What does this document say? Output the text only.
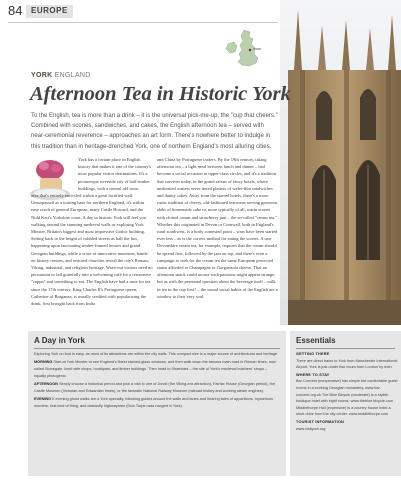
84	EUROPE
YORK
YORK ENGLAND
Afternoon Tea in Historic York

To the English, tea is more than a drink – it is the universal pick-me-up, the "cup that cheers." Combined with scones, sandwiches, and cakes, the English afternoon tea – served with near-ceremonial reverence – approaches an art form. There's nowhere better to indulge in this tradition than in heritage-drenched York, one of northern England's most alluring cities.

York has a certain place in English history that makes it one of the country's most popular visitor destinations. It's a picturesque riverside city of half-timber buildings, with a central old town
area that's entirely encircled within a great fortified wall. Unsurpassed as a touring base for northern England, it's within easy reach of general European, many Castle Howard, and the Nidd Kert's Yorkshire coast. A day in historic York will feel you walking around the stunning medieval walls or exploring York Minster, Britain's biggest and most impressive Gothic building. Setting back to the height of cobbled streets as half the fun, happening upon fascinating timber-framed houses and grand Georgian buildings, while a score of innovative museums, hands-on history centres, and restored churches reveal the city's Roman, Viking, industrial, and religious heritage. Worn-out visitors need no persuasion to fall gratefully into a welcoming café for a restorative "cuppa" and something to eat. The English have had a taste for tea since the 17th century. King Charles II's Portuguese queen, Catherine of Braganza, is usually credited with popularizing the drink, first brought back from India
and China by Portuguese traders. By the 19th century, taking afternoon tea – a light meal between lunch and dinner – had become a social occasion in upper-class circles, and it's a tradition that survives today, in the grand salons of fancy hotels, where uniformed waiters serve tiered platters of wafer-thin sandwiches and dainty cakes. Away from the starred hotels, there's a more rustic tradition of cheery, old-fashioned tearooms serving generous slabs of homemade cake or, more typically of all, warm scones with clotted cream and strawberry jam – the so-called "cream tea." Whether this originated in Devon or Cornwall, both in England's rural southwest, is a hotly contested point – wars have been started over less – as is the correct method for eating the scones. A true Devonshire cream tea, for example, requires that the cream should be spread first, followed by the jam on top, and there's even a campaign to seek for the cream tea the same European protected status afforded to Champagne or Gorgonzola cheese. That an afternoon snack could arouse such passions might appear strange, but as with the perennial question about the beverage itself – milk in tea in the cup first? – the sound social habits of the English are a window to their very soul.
A Day in York

Exploring York on foot is easy, as most of its attractions are within the city walls. This compact size is a major source of architectural and heritage.

MORNING Start at York Minster to see England's finest stained-glass windows, and then walk down the famous main road in Roman times, now called Stonegate, lined with shops, boutiques, and timber buildings. Then head to Shambles – the site of York's medieval butchers' shops – equally photogenic.

AFTERNOON Simply choose a historical period and pick a visit to one of Jorvik (the Viking-era attraction), Fairfax House (Georgian period), the Castle Museum (Victorian and Edwardian times), or the fantastic National Railway Museum (railroad history and working steam engines).

EVENING If evening ghost walks are a York specialty, following guides around the walls and lanes and hearing tales of apparitions, mysterious murders, that kind of thing, and dastardly highwaymen (Dick Turpin was hanged in York).

Essentials

GETTING THERE
There are direct trains to York from Manchester International Airport. York is just under two hours from London by train.

WHERE TO STAY
Bar Convent (inexpensive) has simple but comfortable guest rooms in a working Georgian monastery. www.bar-convent.org.uk The Blue Bicycle (moderate) is a stylish boutique hotel with eight rooms. www.theblue bicycle.com Middlethorpe Hall (expensive) is a country house hotel a short drive from the city center. www.middlethorpe.com

TOURIST INFORMATION
www.visityork.org
